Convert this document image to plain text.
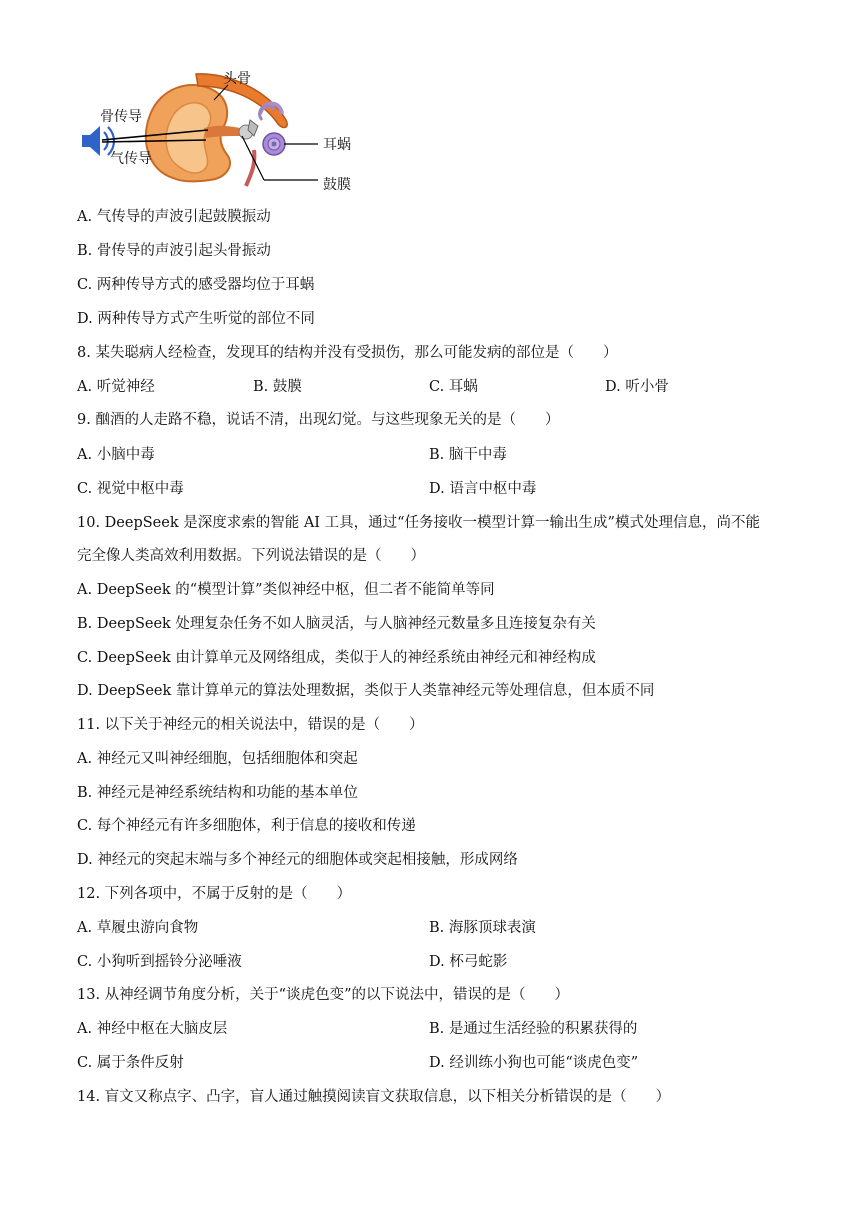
头骨
骨传导
气传导
耳蜗
鼓膜
A. 气传导的声波引起鼓膜振动
B. 骨传导的声波引起头骨振动
C. 两种传导方式的感受器均位于耳蜗
D. 两种传导方式产生听觉的部位不同
8. 某失聪病人经检查，发现耳的结构并没有受损伤，那么可能发病的部位是（　　）
A. 听觉神经	B. 鼓膜	C. 耳蜗	D. 听小骨
9. 酗酒的人走路不稳，说话不清，出现幻觉。与这些现象无关的是（　　）
A. 小脑中毒	B. 脑干中毒
C. 视觉中枢中毒	D. 语言中枢中毒
10. DeepSeek 是深度求索的智能 AI 工具，通过“任务接收一模型计算一输出生成”模式处理信息，尚不能
完全像人类高效利用数据。下列说法错误的是（　　）
A. DeepSeek 的“模型计算”类似神经中枢，但二者不能简单等同
B. DeepSeek 处理复杂任务不如人脑灵活，与人脑神经元数量多且连接复杂有关
C. DeepSeek 由计算单元及网络组成，类似于人的神经系统由神经元和神经构成
D. DeepSeek 靠计算单元的算法处理数据，类似于人类靠神经元等处理信息，但本质不同
11. 以下关于神经元的相关说法中，错误的是（　　）
A. 神经元又叫神经细胞，包括细胞体和突起
B. 神经元是神经系统结构和功能的基本单位
C. 每个神经元有许多细胞体，利于信息的接收和传递
D. 神经元的突起末端与多个神经元的细胞体或突起相接触，形成网络
12. 下列各项中，不属于反射的是（　　）
A. 草履虫游向食物	B. 海豚顶球表演
C. 小狗听到摇铃分泌唾液	D. 杯弓蛇影
13. 从神经调节角度分析，关于“谈虎色变”的以下说法中，错误的是（　　）
A. 神经中枢在大脑皮层	B. 是通过生活经验的积累获得的
C. 属于条件反射	D. 经训练小狗也可能“谈虎色变”
14. 盲文又称点字、凸字，盲人通过触摸阅读盲文获取信息，以下相关分析错误的是（　　）
